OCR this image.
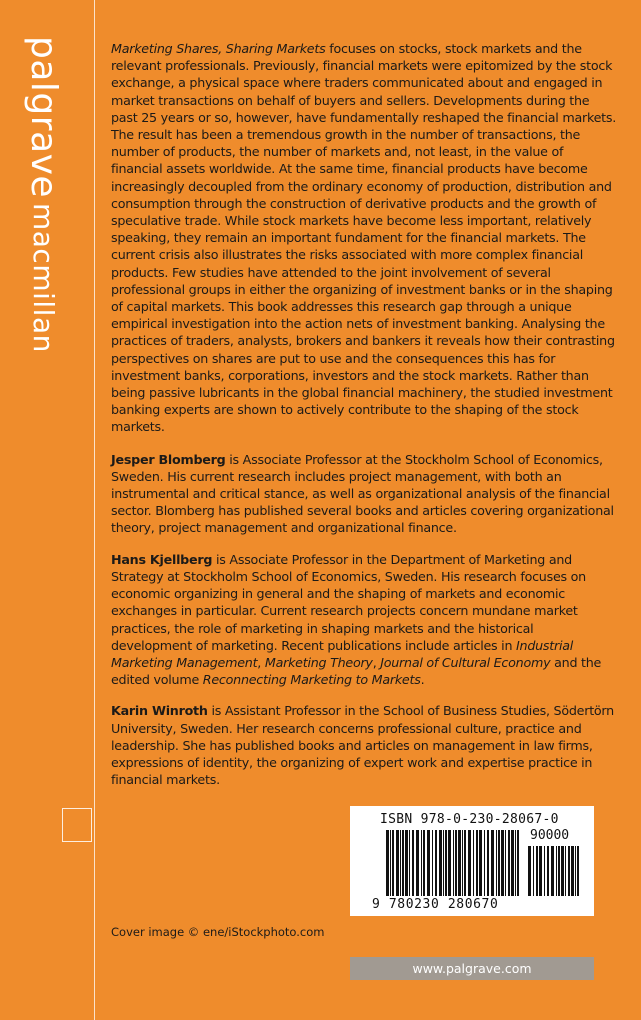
palgrave macmillan

Marketing Shares, Sharing Markets focuses on stocks, stock markets and the relevant professionals. Previously, financial markets were epitomized by the stock exchange, a physical space where traders communicated about and engaged in market transactions on behalf of buyers and sellers. Developments during the past 25 years or so, however, have fundamentally reshaped the financial markets. The result has been a tremendous growth in the number of transactions, the number of products, the number of markets and, not least, in the value of financial assets worldwide. At the same time, financial products have become increasingly decoupled from the ordinary economy of production, distribution and consumption through the construction of derivative products and the growth of speculative trade. While stock markets have become less important, relatively speaking, they remain an important fundament for the financial markets. The current crisis also illustrates the risks associated with more complex financial products. Few studies have attended to the joint involvement of several professional groups in either the organizing of investment banks or in the shaping of capital markets. This book addresses this research gap through a unique empirical investigation into the action nets of investment banking. Analysing the practices of traders, analysts, brokers and bankers it reveals how their contrasting perspectives on shares are put to use and the consequences this has for investment banks, corporations, investors and the stock markets. Rather than being passive lubricants in the global financial machinery, the studied investment banking experts are shown to actively contribute to the shaping of the stock markets.

Jesper Blomberg is Associate Professor at the Stockholm School of Economics, Sweden. His current research includes project management, with both an instrumental and critical stance, as well as organizational analysis of the financial sector. Blomberg has published several books and articles covering organizational theory, project management and organizational finance.

Hans Kjellberg is Associate Professor in the Department of Marketing and Strategy at Stockholm School of Economics, Sweden. His research focuses on economic organizing in general and the shaping of markets and economic exchanges in particular. Current research projects concern mundane market practices, the role of marketing in shaping markets and the historical development of marketing. Recent publications include articles in Industrial Marketing Management, Marketing Theory, Journal of Cultural Economy and the edited volume Reconnecting Marketing to Markets.

Karin Winroth is Assistant Professor in the School of Business Studies, Södertörn University, Sweden. Her research concerns professional culture, practice and leadership. She has published books and articles on management in law firms, expressions of identity, the organizing of expert work and expertise practice in financial markets.

ISBN 978-0-230-28067-0
90000
9 780230 280670
Cover image © ene/iStockphoto.com
www.palgrave.com
